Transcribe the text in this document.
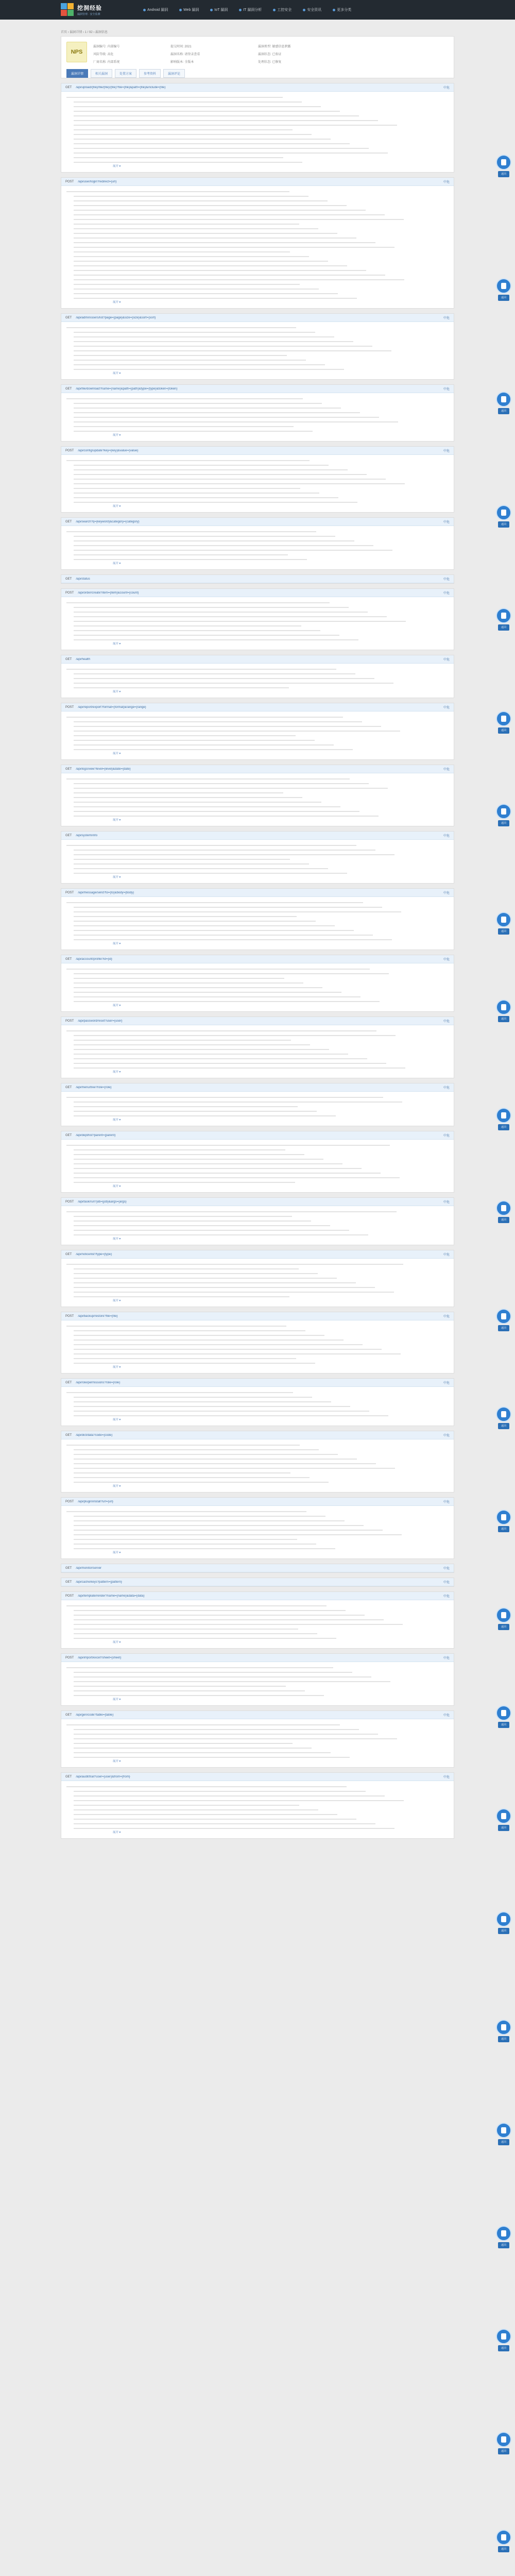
挖洞经验
漏洞管理 · 安全监测
Android 漏洞	Web 漏洞	IoT 漏洞	IT 漏洞分析	工控安全	安全资讯	更多分类
首页 › 漏洞详情 › 1 / 92 › 漏洞信息
NPS
漏洞编号: 内部编号	提交时间: 2021	漏洞类型: 敏感信息泄露
风险等级: 高危	漏洞名称: 请登录查看	漏洞状态: 已验证
厂商名称: 内部系统	影响版本: 全版本	处理状态: 已修复
漏洞详情	相关漏洞	处置方案	参考资料	漏洞评论
GET /api/upload/{file}/file/{file}/{file}?file={file}&path={file}&include={file}	中危
展开 ▾
POST /api/user/login?redirect={url}	中危
展开 ▾
GET /api/admin/users/list?page={page}&size={size}&sort={sort}	中危
展开 ▾
GET /api/file/download?name={name}&path={path}&type={type}&token={token}	中危
展开 ▾
POST /api/config/update?key={key}&value={value}	中危
展开 ▾
GET /api/search?q={keyword}&category={category}	中危
展开 ▾
GET /api/status	中危
POST /api/order/create?item={item}&count={count}	中危
展开 ▾
GET /api/health	中危
展开 ▾
POST /api/report/export?format={format}&range={range}	中危
展开 ▾
GET /api/logs/view?level={level}&date={date}	中危
展开 ▾
GET /api/system/info	中危
展开 ▾
POST /api/message/send?to={to}&body={body}	中危
展开 ▾
GET /api/account/profile?id={id}	中危
展开 ▾
POST /api/password/reset?user={user}	中危
展开 ▾
GET /api/menu/tree?role={role}	中危
展开 ▾
GET /api/dept/list?parent={parent}	中危
展开 ▾
POST /api/task/run?job={job}&args={args}	中危
展开 ▾
GET /api/notice/list?type={type}	中危
展开 ▾
POST /api/backup/restore?file={file}	中危
展开 ▾
GET /api/role/permissions?role={role}	中危
展开 ▾
GET /api/dict/data?code={code}	中危
展开 ▾
POST /api/plugin/install?url={url}	中危
展开 ▾
GET /api/monitor/server	中危
GET /api/cache/keys?pattern={pattern}	中危
POST /api/template/render?name={name}&data={data}	中危
展开 ▾
POST /api/import/excel?sheet={sheet}	中危
展开 ▾
GET /api/gen/code?table={table}	中危
展开 ▾
GET /api/audit/trail?user={user}&from={from}	中危
展开 ▾
返回
返回
返回
返回
返回
返回
返回
返回
返回
返回
返回
返回
返回
返回
返回
返回
返回
返回
返回
返回
返回
返回
返回
返回
